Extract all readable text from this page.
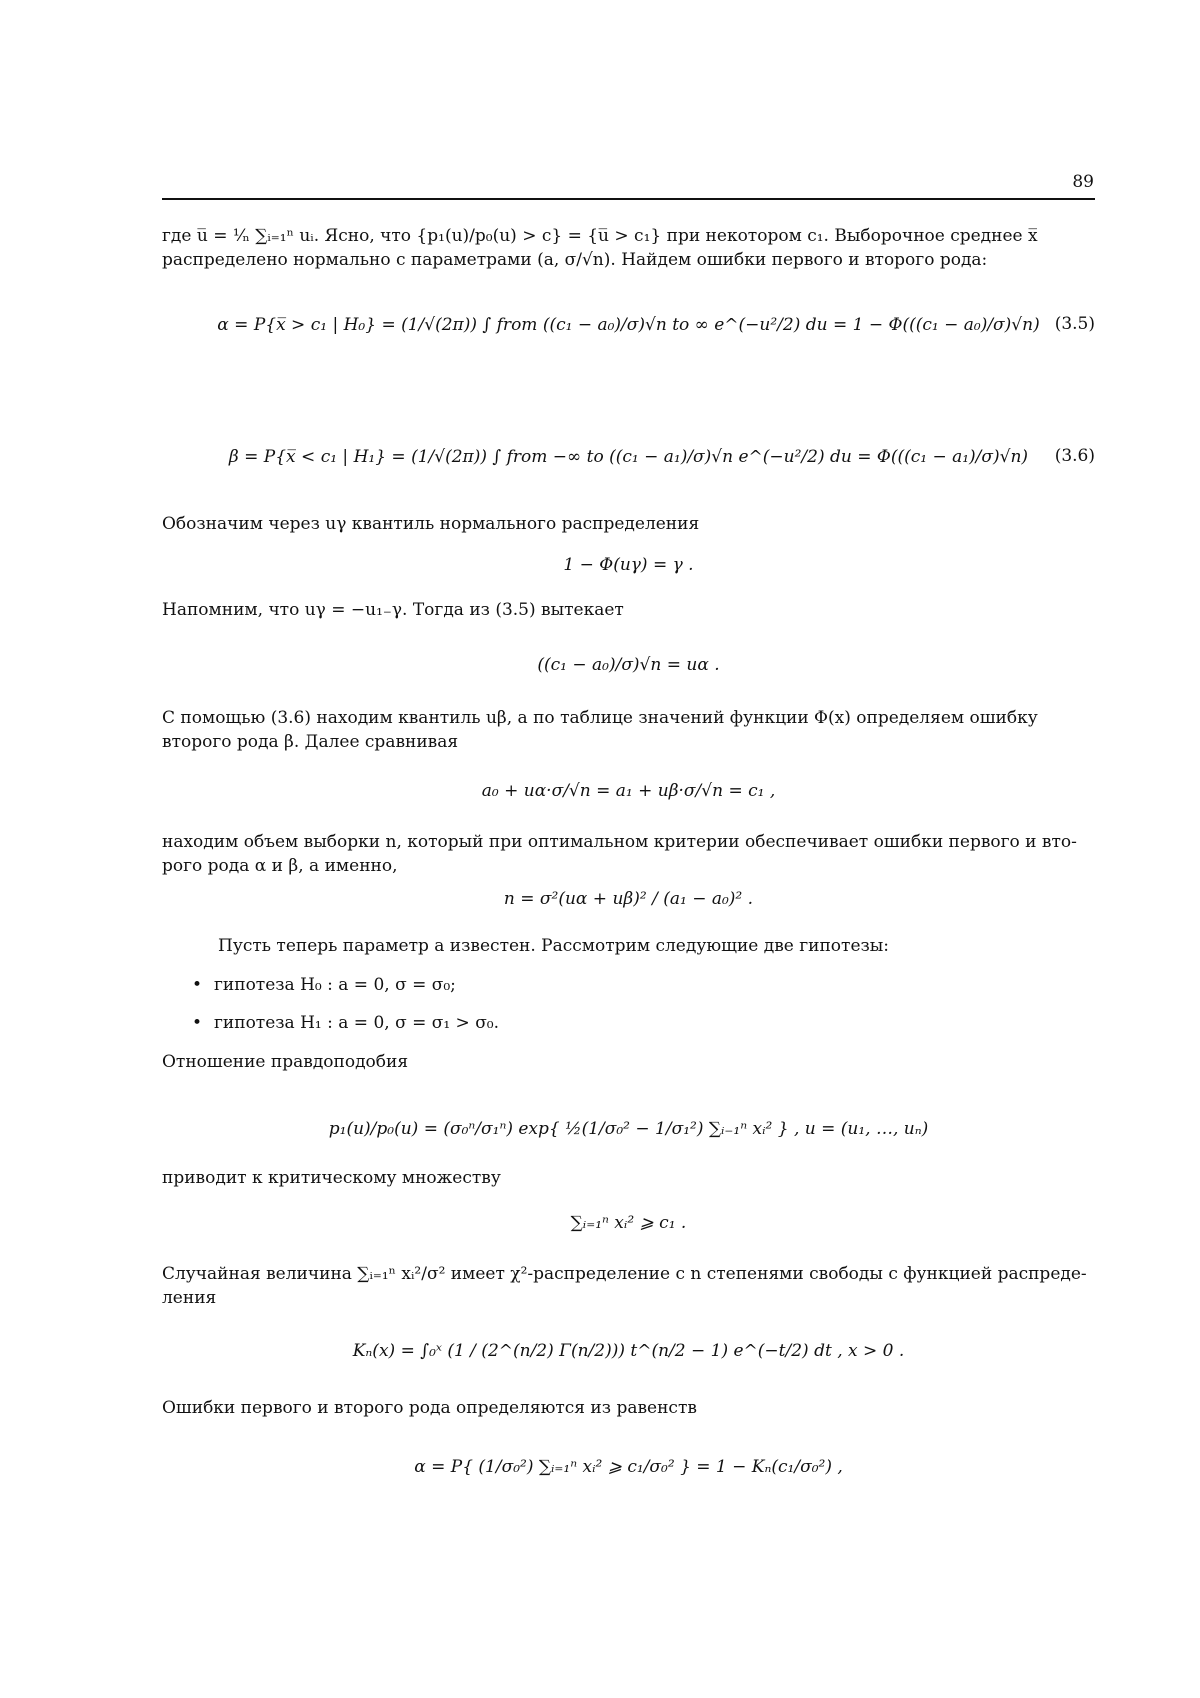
89
где u̅ = ¹⁄ₙ ∑ᵢ₌₁ⁿ uᵢ. Ясно, что {p₁(u)/p₀(u) > c} = {u̅ > c₁} при некотором c₁. Выборочное среднее x̅
распределено нормально с параметрами (a, σ/√n). Найдем ошибки первого и второго рода:
α = P{x̅ > c₁ | H₀} = (1/√(2π)) ∫ from ((c₁ − a₀)/σ)√n to ∞ e^(−u²/2) du = 1 − Φ(((c₁ − a₀)/σ)√n) (3.5)
β = P{x̅ < c₁ | H₁} = (1/√(2π)) ∫ from −∞ to ((c₁ − a₁)/σ)√n e^(−u²/2) du = Φ(((c₁ − a₁)/σ)√n)	(3.6)
Обозначим через uγ квантиль нормального распределения
1 − Φ(uγ) = γ .
Напомним, что uγ = −u₁₋γ. Тогда из (3.5) вытекает
((c₁ − a₀)/σ)√n = uα .
С помощью (3.6) находим квантиль uβ, а по таблице значений функции Φ(x) определяем ошибку
второго рода β. Далее сравнивая
a₀ + uα·σ/√n = a₁ + uβ·σ/√n = c₁ ,
находим объем выборки n, который при оптимальном критерии обеспечивает ошибки первого и вто-
рого рода α и β, а именно,
n = σ²(uα + uβ)² / (a₁ − a₀)² .
Пусть теперь параметр a известен. Рассмотрим следующие две гипотезы:
• гипотеза H₀ : a = 0, σ = σ₀;
• гипотеза H₁ : a = 0, σ = σ₁ > σ₀.
Отношение правдоподобия
p₁(u)/p₀(u) = (σ₀ⁿ/σ₁ⁿ) exp{ ½(1/σ₀² − 1/σ₁²) ∑ᵢ₋₁ⁿ xᵢ² } , u = (u₁, …, uₙ)
приводит к критическому множеству
∑ᵢ₌₁ⁿ xᵢ² ⩾ c₁ .
Случайная величина ∑ᵢ₌₁ⁿ xᵢ²/σ² имеет χ²-распределение с n степенями свободы с функцией распреде-
ления
Kₙ(x) = ∫₀ˣ (1 / (2^(n/2) Γ(n/2))) t^(n/2 − 1) e^(−t/2) dt , x > 0 .
Ошибки первого и второго рода определяются из равенств
α = P{ (1/σ₀²) ∑ᵢ₌₁ⁿ xᵢ² ⩾ c₁/σ₀² } = 1 − Kₙ(c₁/σ₀²) ,
